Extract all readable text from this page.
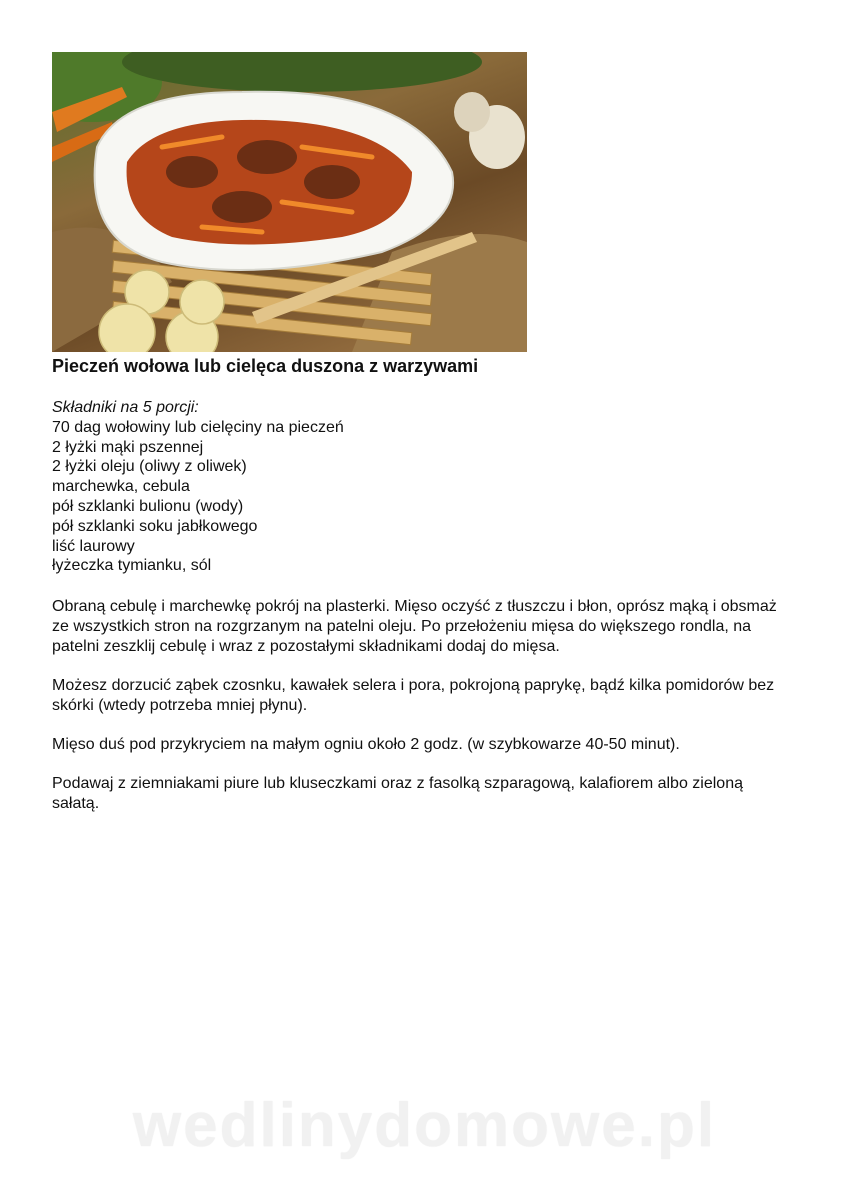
Pieczeń wołowa lub cielęca duszona z warzywami
Składniki na 5 porcji:
70 dag wołowiny lub cielęciny na pieczeń
2 łyżki mąki pszennej
2 łyżki oleju (oliwy z oliwek)
marchewka, cebula
pół szklanki bulionu (wody)
pół szklanki soku jabłkowego
liść laurowy
łyżeczka tymianku, sól

Obraną cebulę i marchewkę pokrój na plasterki. Mięso oczyść z tłuszczu i błon, oprósz mąką i obsmaż ze wszystkich stron na rozgrzanym na patelni oleju. Po przełożeniu mięsa do większego rondla, na patelni zeszklij cebulę i wraz z pozostałymi składnikami dodaj do mięsa.

Możesz dorzucić ząbek czosnku, kawałek selera i pora, pokrojoną paprykę, bądź kilka pomidorów bez skórki (wtedy potrzeba mniej płynu).

Mięso duś pod przykryciem na małym ogniu około 2 godz. (w szybkowarze 40-50 minut).

Podawaj z ziemniakami piure lub kluseczkami oraz z fasolką szparagową, kalafiorem albo zieloną sałatą.

wedlinydomowe.pl
